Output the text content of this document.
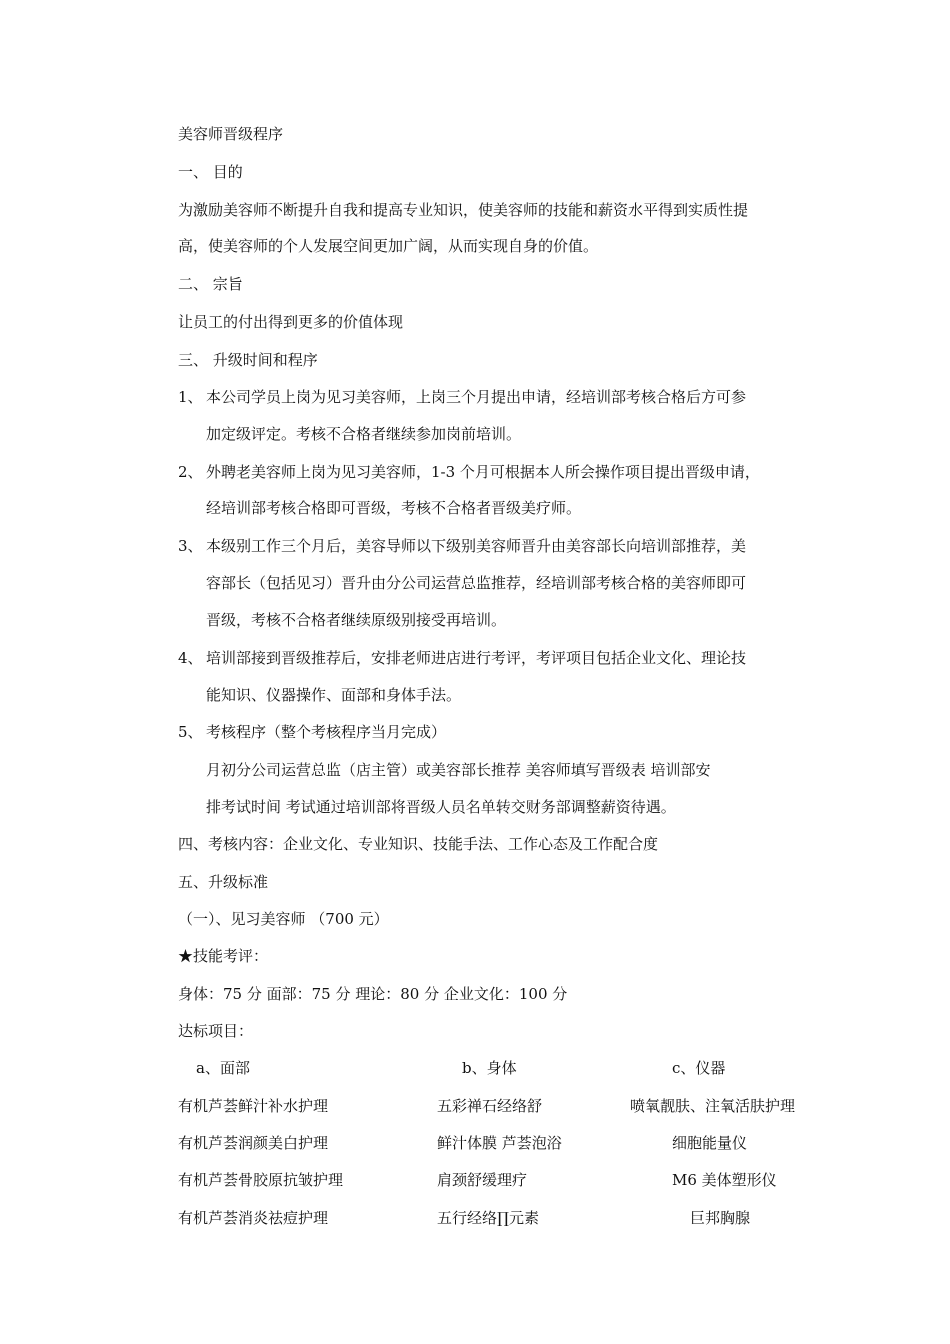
美容师晋级程序
一、 目的
为激励美容师不断提升自我和提高专业知识，使美容师的技能和薪资水平得到实质性提
高，使美容师的个人发展空间更加广阔，从而实现自身的价值。
二、 宗旨
让员工的付出得到更多的价值体现
三、 升级时间和程序
1、 本公司学员上岗为见习美容师，上岗三个月提出申请，经培训部考核合格后方可参
加定级评定。考核不合格者继续参加岗前培训。
2、 外聘老美容师上岗为见习美容师，1-3 个月可根据本人所会操作项目提出晋级申请，
经培训部考核合格即可晋级，考核不合格者晋级美疗师。
3、 本级别工作三个月后，美容导师以下级别美容师晋升由美容部长向培训部推荐，美
容部长（包括见习）晋升由分公司运营总监推荐，经培训部考核合格的美容师即可
晋级，考核不合格者继续原级别接受再培训。
4、 培训部接到晋级推荐后，安排老师进店进行考评，考评项目包括企业文化、理论技
能知识、仪器操作、面部和身体手法。
5、 考核程序（整个考核程序当月完成）
月初分公司运营总监（店主管）或美容部长推荐 美容师填写晋级表 培训部安
排考试时间 考试通过培训部将晋级人员名单转交财务部调整薪资待遇。
四、考核内容：企业文化、专业知识、技能手法、工作心态及工作配合度
五、升级标准
（一）、见习美容师 （700 元）
★技能考评：
身体：75 分 面部：75 分 理论：80 分 企业文化：100 分
达标项目：
a、面部	b、身体	c、仪器
有机芦荟鲜汁补水护理	五彩禅石经络舒	喷氧靓肤、注氧活肤护理
有机芦荟润颜美白护理	鲜汁体膜 芦荟泡浴	细胞能量仪
有机芦荟骨胶原抗皱护理	肩颈舒缓理疗	M6 美体塑形仪
有机芦荟消炎祛痘护理	五行经络∏元素	巨邦胸腺
